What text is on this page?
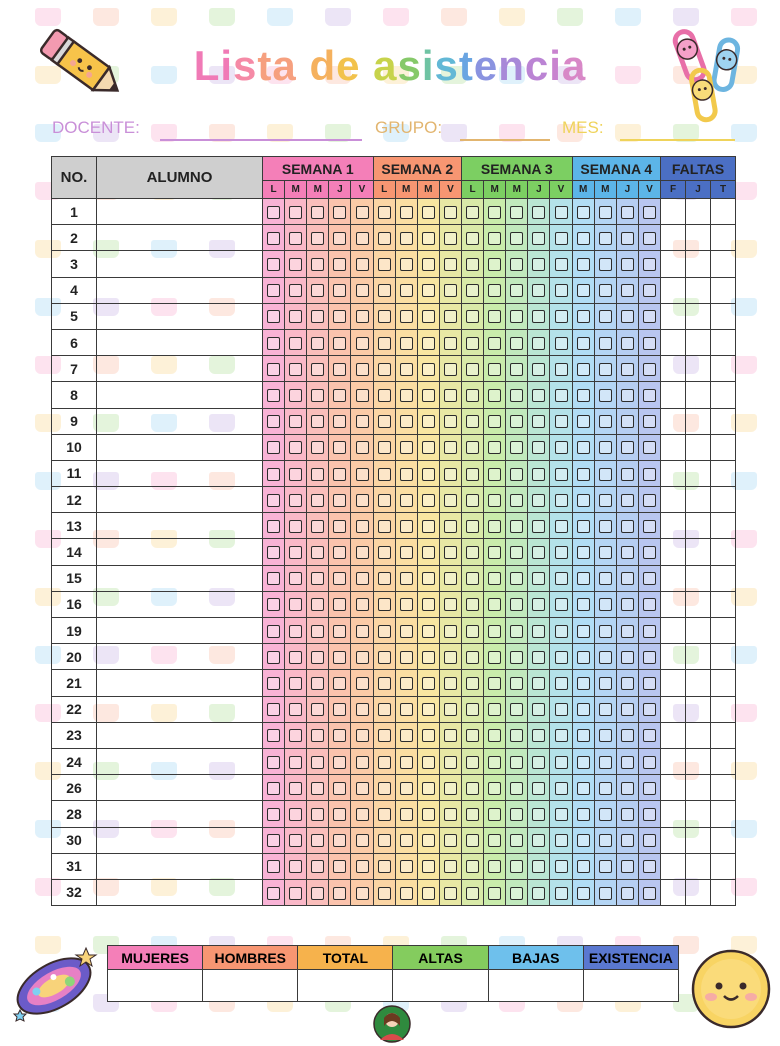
Lista de asistencia
DOCENTE:	GRUPO:	MES:
NO.	ALUMNO	SEMANA 1					SEMANA 2				SEMANA 3					SEMANA 4				FALTAS		
		L	M	M	J	V	L	M	M	V	L	M	M	J	V	M	M	J	V	F	J	T
1																						
2																						
3																						
4																						
5																						
6																						
7																						
8																						
9																						
10																						
11																						
12																						
13																						
14																						
15																						
16																						
19																						
20																						
21																						
22																						
23																						
24																						
26																						
28																						
30																						
31																						
32																						
MUJERES	HOMBRES	TOTAL	ALTAS	BAJAS	EXISTENCIA
